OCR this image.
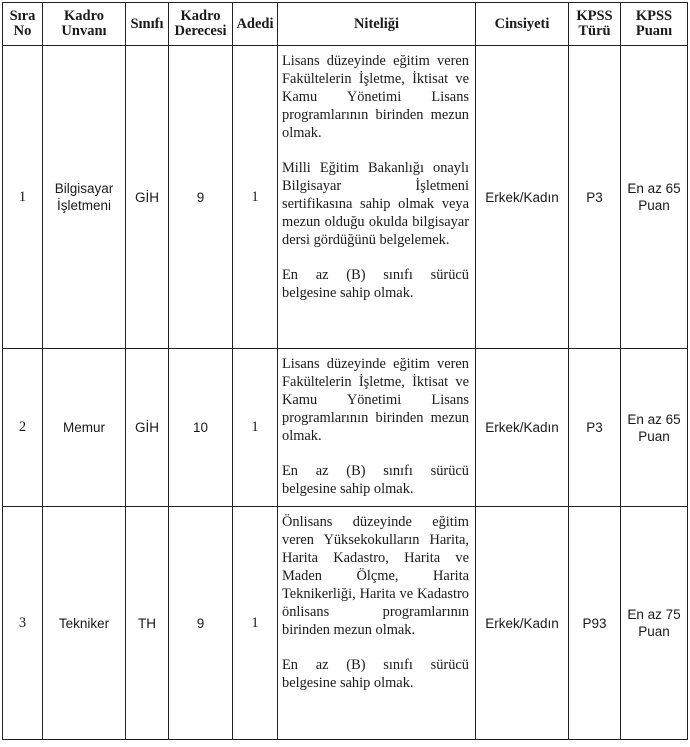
Sıra No	Kadro Unvanı	Sınıfı	Kadro Derecesi	Adedi	Niteliği	Cinsiyeti	KPSS Türü	KPSS Puanı
1	Bilgisayar İşletmeni	GİH	9	1	Lisans düzeyinde eğitim veren Fakültelerin İşletme, İktisat ve Kamu Yönetimi Lisans programlarının birinden mezun olmak.

Milli Eğitim Bakanlığı onaylı Bilgisayar İşletmeni sertifikasına sahip olmak veya mezun olduğu okulda bilgisayar dersi gördüğünü belgelemek.

En az (B) sınıfı sürücü belgesine sahip olmak.	Erkek/Kadın	P3	En az 65 Puan
2	Memur	GİH	10	1	Lisans düzeyinde eğitim veren Fakültelerin İşletme, İktisat ve Kamu Yönetimi Lisans programlarının birinden mezun olmak.

En az (B) sınıfı sürücü belgesine sahip olmak.	Erkek/Kadın	P3	En az 65 Puan
3	Tekniker	TH	9	1	Önlisans düzeyinde eğitim veren Yüksekokulların Harita, Harita Kadastro, Harita ve Maden Ölçme, Harita Teknikerliği, Harita ve Kadastro önlisans programlarının birinden mezun olmak.

En az (B) sınıfı sürücü belgesine sahip olmak.	Erkek/Kadın	P93	En az 75 Puan
